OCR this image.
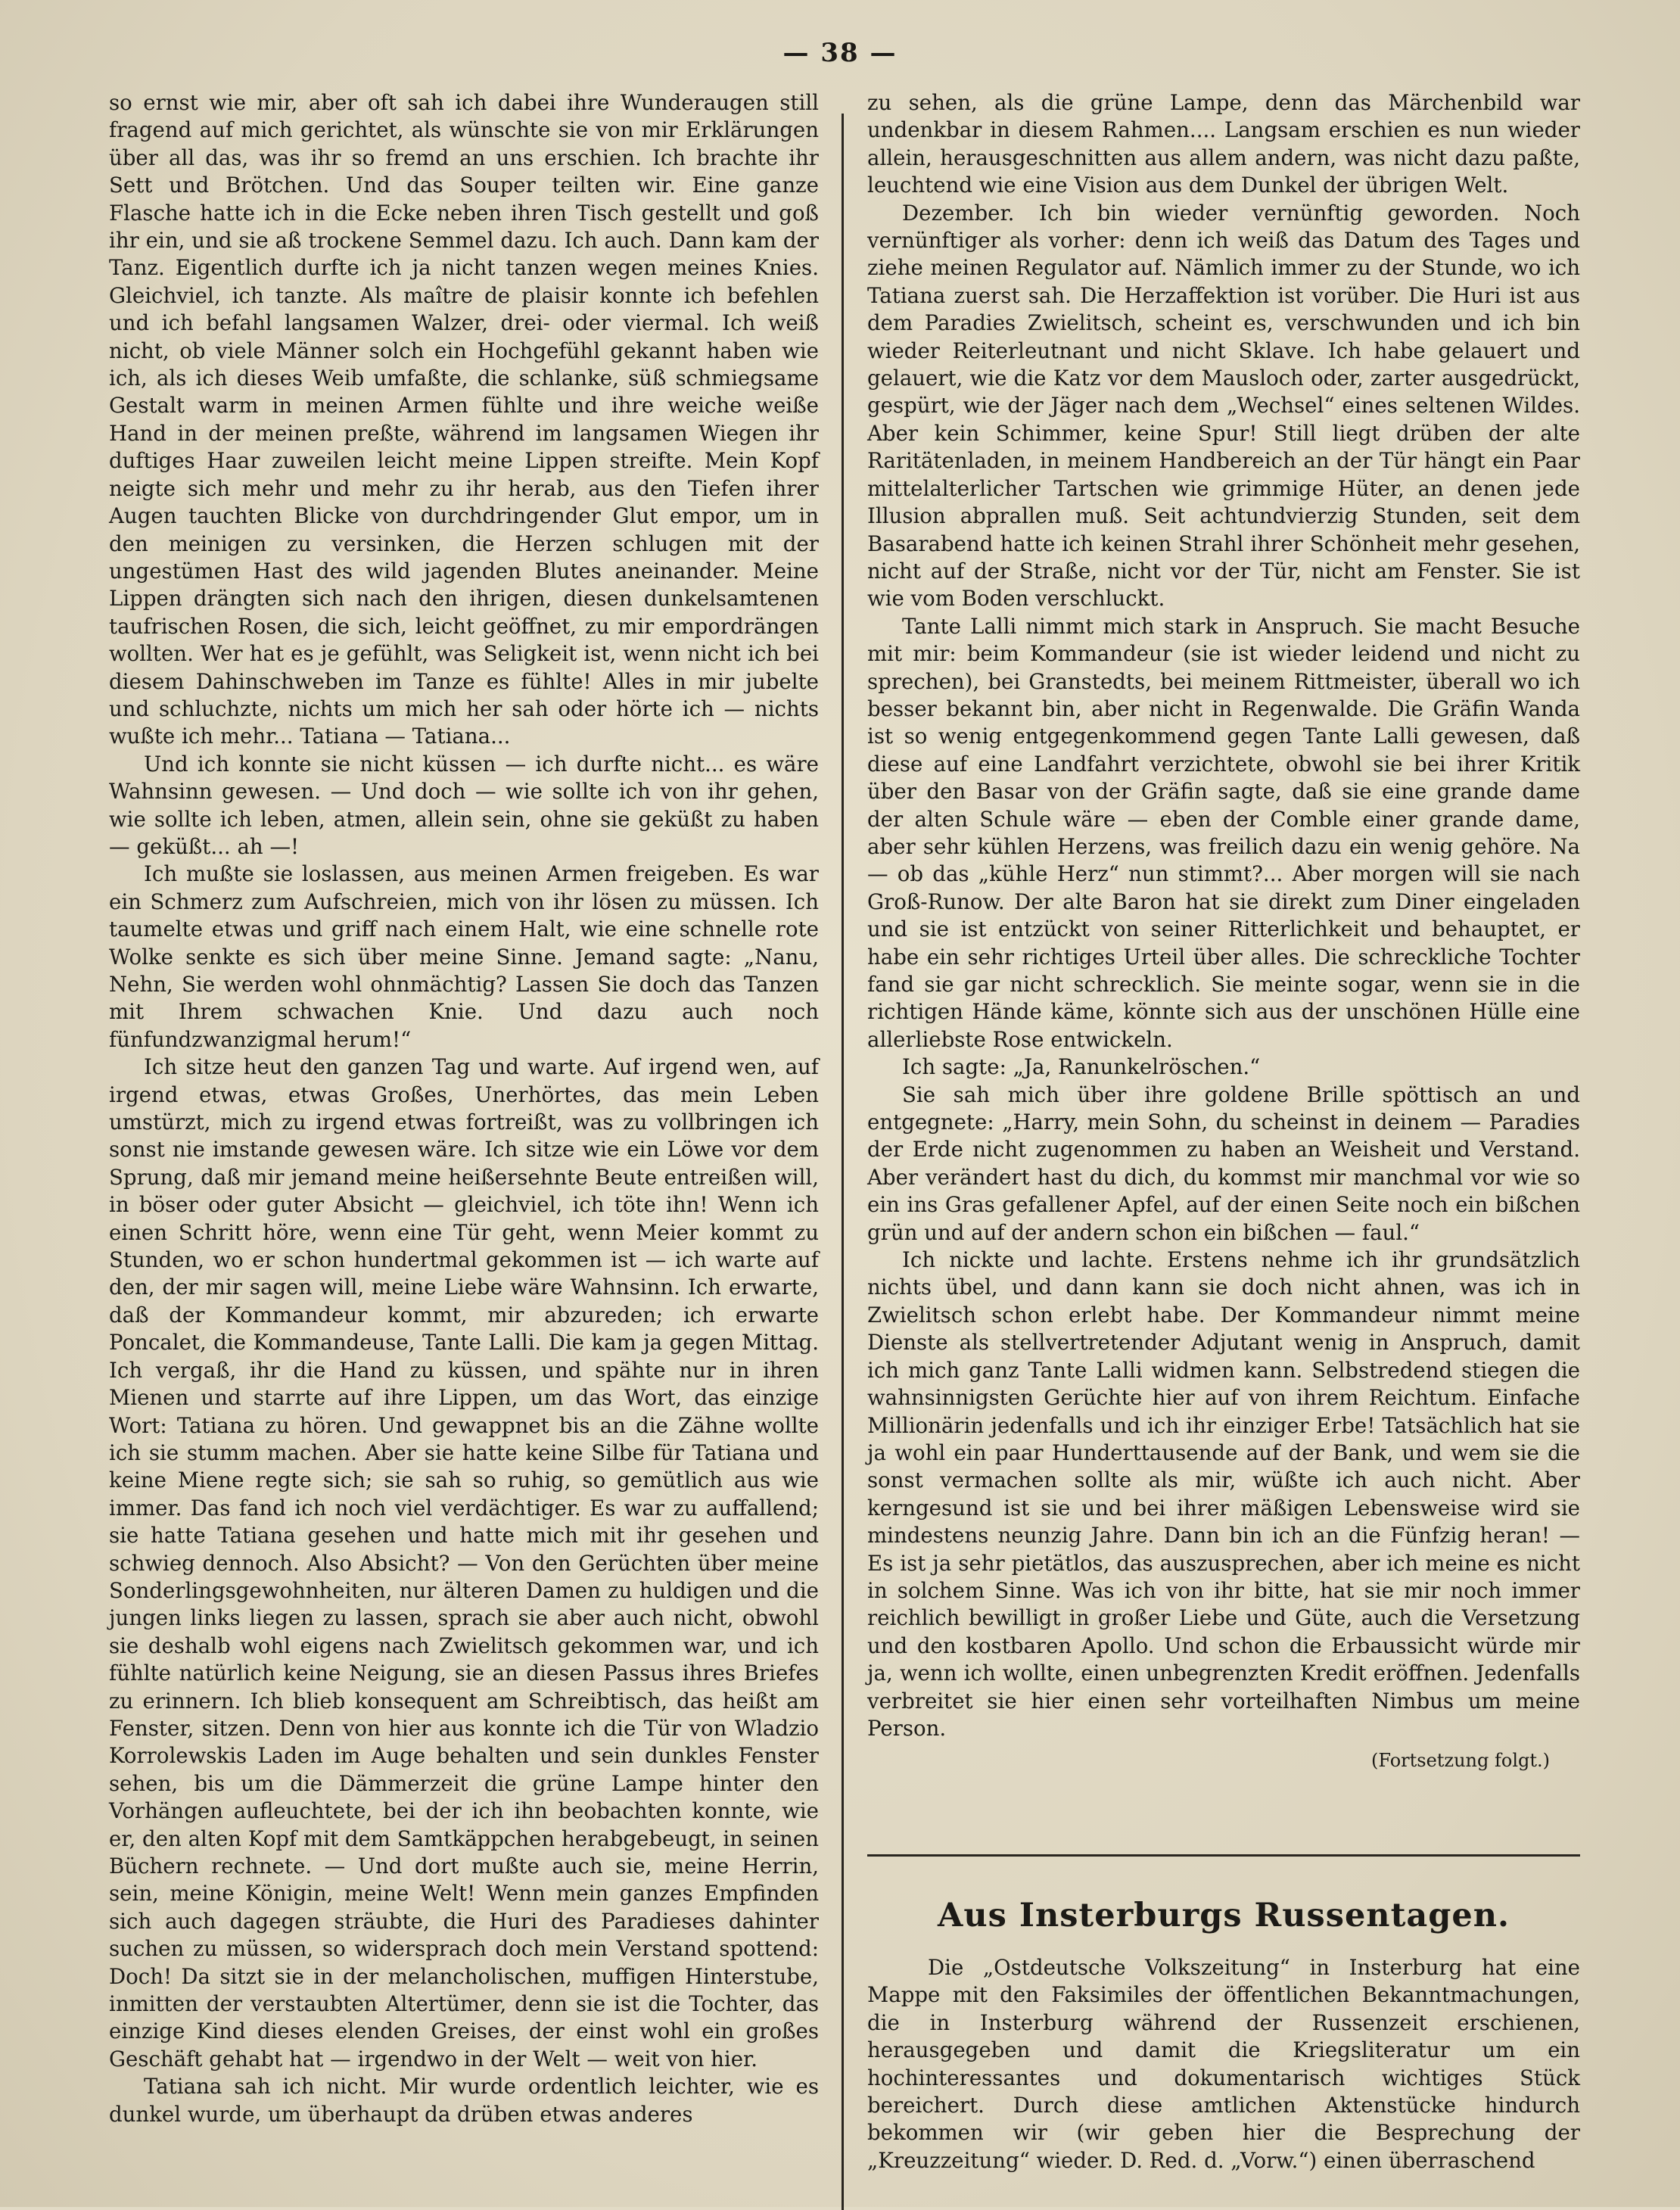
— 38 —

so ernst wie mir, aber oft sah ich dabei ihre Wunderaugen still fragend auf mich gerichtet, als wünschte sie von mir Erklärungen über all das, was ihr so fremd an uns erschien. Ich brachte ihr Sett und Brötchen. Und das Souper teilten wir. Eine ganze Flasche hatte ich in die Ecke neben ihren Tisch gestellt und goß ihr ein, und sie aß trockene Semmel dazu. Ich auch. Dann kam der Tanz. Eigentlich durfte ich ja nicht tanzen wegen meines Knies. Gleichviel, ich tanzte. Als maître de plaisir konnte ich befehlen und ich befahl langsamen Walzer, drei- oder viermal. Ich weiß nicht, ob viele Männer solch ein Hochgefühl gekannt haben wie ich, als ich dieses Weib umfaßte, die schlanke, süß schmiegsame Gestalt warm in meinen Armen fühlte und ihre weiche weiße Hand in der meinen preßte, während im langsamen Wiegen ihr duftiges Haar zuweilen leicht meine Lippen streifte. Mein Kopf neigte sich mehr und mehr zu ihr herab, aus den Tiefen ihrer Augen tauchten Blicke von durchdringender Glut empor, um in den meinigen zu versinken, die Herzen schlugen mit der ungestümen Hast des wild jagenden Blutes aneinander. Meine Lippen drängten sich nach den ihrigen, diesen dunkelsamtenen taufrischen Rosen, die sich, leicht geöffnet, zu mir empordrängen wollten. Wer hat es je gefühlt, was Seligkeit ist, wenn nicht ich bei diesem Dahinschweben im Tanze es fühlte! Alles in mir jubelte und schluchzte, nichts um mich her sah oder hörte ich — nichts wußte ich mehr... Tatiana — Tatiana...

Und ich konnte sie nicht küssen — ich durfte nicht... es wäre Wahnsinn gewesen. — Und doch — wie sollte ich von ihr gehen, wie sollte ich leben, atmen, allein sein, ohne sie geküßt zu haben — geküßt... ah —!

Ich mußte sie loslassen, aus meinen Armen freigeben. Es war ein Schmerz zum Aufschreien, mich von ihr lösen zu müssen. Ich taumelte etwas und griff nach einem Halt, wie eine schnelle rote Wolke senkte es sich über meine Sinne. Jemand sagte: „Nanu, Nehn, Sie werden wohl ohnmächtig? Lassen Sie doch das Tanzen mit Ihrem schwachen Knie. Und dazu auch noch fünfundzwanzigmal herum!“

Ich sitze heut den ganzen Tag und warte. Auf irgend wen, auf irgend etwas, etwas Großes, Unerhörtes, das mein Leben umstürzt, mich zu irgend etwas fortreißt, was zu vollbringen ich sonst nie imstande gewesen wäre. Ich sitze wie ein Löwe vor dem Sprung, daß mir jemand meine heißersehnte Beute entreißen will, in böser oder guter Absicht — gleichviel, ich töte ihn! Wenn ich einen Schritt höre, wenn eine Tür geht, wenn Meier kommt zu Stunden, wo er schon hundertmal gekommen ist — ich warte auf den, der mir sagen will, meine Liebe wäre Wahnsinn. Ich erwarte, daß der Kommandeur kommt, mir abzureden; ich erwarte Poncalet, die Kommandeuse, Tante Lalli. Die kam ja gegen Mittag. Ich vergaß, ihr die Hand zu küssen, und spähte nur in ihren Mienen und starrte auf ihre Lippen, um das Wort, das einzige Wort: Tatiana zu hören. Und gewappnet bis an die Zähne wollte ich sie stumm machen. Aber sie hatte keine Silbe für Tatiana und keine Miene regte sich; sie sah so ruhig, so gemütlich aus wie immer. Das fand ich noch viel verdächtiger. Es war zu auffallend; sie hatte Tatiana gesehen und hatte mich mit ihr gesehen und schwieg dennoch. Also Absicht? — Von den Gerüchten über meine Sonderlingsgewohnheiten, nur älteren Damen zu huldigen und die jungen links liegen zu lassen, sprach sie aber auch nicht, obwohl sie deshalb wohl eigens nach Zwielitsch gekommen war, und ich fühlte natürlich keine Neigung, sie an diesen Passus ihres Briefes zu erinnern. Ich blieb konsequent am Schreibtisch, das heißt am Fenster, sitzen. Denn von hier aus konnte ich die Tür von Wladzio Korrolewskis Laden im Auge behalten und sein dunkles Fenster sehen, bis um die Dämmerzeit die grüne Lampe hinter den Vorhängen aufleuchtete, bei der ich ihn beobachten konnte, wie er, den alten Kopf mit dem Samtkäppchen herabgebeugt, in seinen Büchern rechnete. — Und dort mußte auch sie, meine Herrin, sein, meine Königin, meine Welt! Wenn mein ganzes Empfinden sich auch dagegen sträubte, die Huri des Paradieses dahinter suchen zu müssen, so widersprach doch mein Verstand spottend: Doch! Da sitzt sie in der melancholischen, muffigen Hinterstube, inmitten der verstaubten Altertümer, denn sie ist die Tochter, das einzige Kind dieses elenden Greises, der einst wohl ein großes Geschäft gehabt hat — irgendwo in der Welt — weit von hier.

Tatiana sah ich nicht. Mir wurde ordentlich leichter, wie es dunkel wurde, um überhaupt da drüben etwas anderes

zu sehen, als die grüne Lampe, denn das Märchenbild war undenkbar in diesem Rahmen.... Langsam erschien es nun wieder allein, herausgeschnitten aus allem andern, was nicht dazu paßte, leuchtend wie eine Vision aus dem Dunkel der übrigen Welt.

Dezember. Ich bin wieder vernünftig geworden. Noch vernünftiger als vorher: denn ich weiß das Datum des Tages und ziehe meinen Regulator auf. Nämlich immer zu der Stunde, wo ich Tatiana zuerst sah. Die Herzaffektion ist vorüber. Die Huri ist aus dem Paradies Zwielitsch, scheint es, verschwunden und ich bin wieder Reiterleutnant und nicht Sklave. Ich habe gelauert und gelauert, wie die Katz vor dem Mausloch oder, zarter ausgedrückt, gespürt, wie der Jäger nach dem „Wechsel“ eines seltenen Wildes. Aber kein Schimmer, keine Spur! Still liegt drüben der alte Raritätenladen, in meinem Handbereich an der Tür hängt ein Paar mittelalterlicher Tartschen wie grimmige Hüter, an denen jede Illusion abprallen muß. Seit achtundvierzig Stunden, seit dem Basarabend hatte ich keinen Strahl ihrer Schönheit mehr gesehen, nicht auf der Straße, nicht vor der Tür, nicht am Fenster. Sie ist wie vom Boden verschluckt.

Tante Lalli nimmt mich stark in Anspruch. Sie macht Besuche mit mir: beim Kommandeur (sie ist wieder leidend und nicht zu sprechen), bei Granstedts, bei meinem Rittmeister, überall wo ich besser bekannt bin, aber nicht in Regenwalde. Die Gräfin Wanda ist so wenig entgegenkommend gegen Tante Lalli gewesen, daß diese auf eine Landfahrt verzichtete, obwohl sie bei ihrer Kritik über den Basar von der Gräfin sagte, daß sie eine grande dame der alten Schule wäre — eben der Comble einer grande dame, aber sehr kühlen Herzens, was freilich dazu ein wenig gehöre. Na — ob das „kühle Herz“ nun stimmt?... Aber morgen will sie nach Groß-Runow. Der alte Baron hat sie direkt zum Diner eingeladen und sie ist entzückt von seiner Ritterlichkeit und behauptet, er habe ein sehr richtiges Urteil über alles. Die schreckliche Tochter fand sie gar nicht schrecklich. Sie meinte sogar, wenn sie in die richtigen Hände käme, könnte sich aus der unschönen Hülle eine allerliebste Rose entwickeln.

Ich sagte: „Ja, Ranunkelröschen.“

Sie sah mich über ihre goldene Brille spöttisch an und entgegnete: „Harry, mein Sohn, du scheinst in deinem — Paradies der Erde nicht zugenommen zu haben an Weisheit und Verstand. Aber verändert hast du dich, du kommst mir manchmal vor wie so ein ins Gras gefallener Apfel, auf der einen Seite noch ein bißchen grün und auf der andern schon ein bißchen — faul.“

Ich nickte und lachte. Erstens nehme ich ihr grundsätzlich nichts übel, und dann kann sie doch nicht ahnen, was ich in Zwielitsch schon erlebt habe. Der Kommandeur nimmt meine Dienste als stellvertretender Adjutant wenig in Anspruch, damit ich mich ganz Tante Lalli widmen kann. Selbstredend stiegen die wahnsinnigsten Gerüchte hier auf von ihrem Reichtum. Einfache Millionärin jedenfalls und ich ihr einziger Erbe! Tatsächlich hat sie ja wohl ein paar Hunderttausende auf der Bank, und wem sie die sonst vermachen sollte als mir, wüßte ich auch nicht. Aber kerngesund ist sie und bei ihrer mäßigen Lebensweise wird sie mindestens neunzig Jahre. Dann bin ich an die Fünfzig heran! — Es ist ja sehr pietätlos, das auszusprechen, aber ich meine es nicht in solchem Sinne. Was ich von ihr bitte, hat sie mir noch immer reichlich bewilligt in großer Liebe und Güte, auch die Versetzung und den kostbaren Apollo. Und schon die Erbaussicht würde mir ja, wenn ich wollte, einen unbegrenzten Kredit eröffnen. Jedenfalls verbreitet sie hier einen sehr vorteilhaften Nimbus um meine Person.

(Fortsetzung folgt.)
Aus Insterburgs Russentagen.

Die „Ostdeutsche Volkszeitung“ in Insterburg hat eine Mappe mit den Faksimiles der öffentlichen Bekanntmachungen, die in Insterburg während der Russenzeit erschienen, herausgegeben und damit die Kriegsliteratur um ein hochinteressantes und dokumentarisch wichtiges Stück bereichert. Durch diese amtlichen Aktenstücke hindurch bekommen wir (wir geben hier die Besprechung der „Kreuzzeitung“ wieder. D. Red. d. „Vorw.“) einen überraschend
